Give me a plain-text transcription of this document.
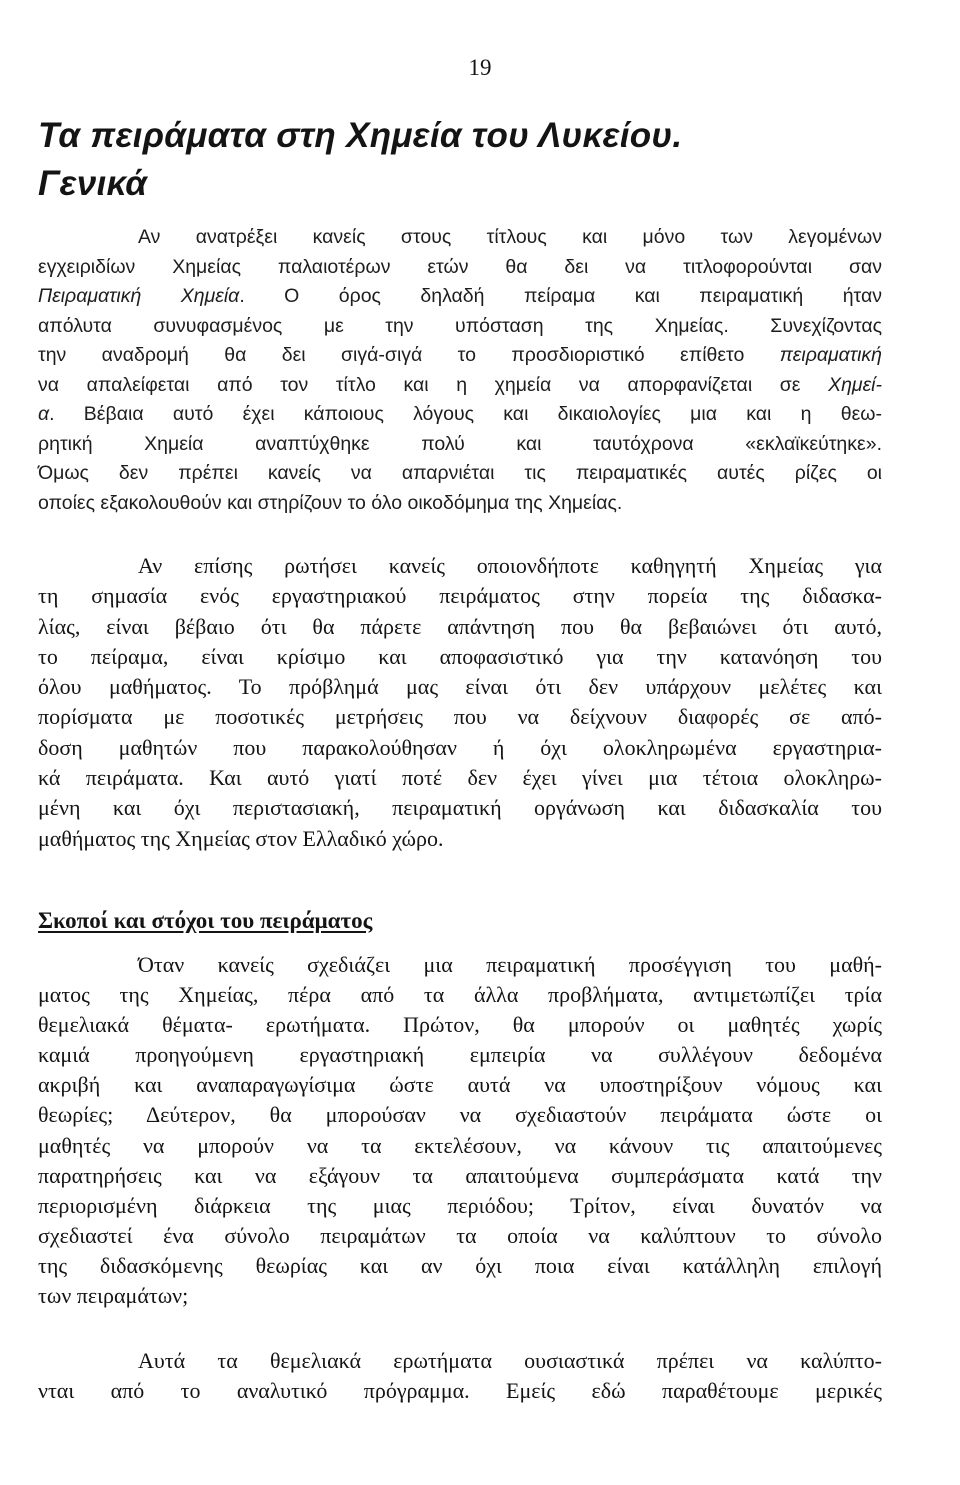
19
Τα πειράματα στη Χημεία του Λυκείου.
Γενικά
Αν ανατρέξει κανείς στους τίτλους και μόνο των λεγομένων
εγχειριδίων Χημείας παλαιοτέρων ετών θα δει να τιτλοφορούνται σαν
Πειραματική Χημεία. Ο όρος δηλαδή πείραμα και πειραματική ήταν
απόλυτα συνυφασμένος με την υπόσταση της Χημείας. Συνεχίζοντας
την αναδρομή θα δει σιγά-σιγά το προσδιοριστικό επίθετο πειραματική
να απαλείφεται από τον τίτλο και η χημεία να απορφανίζεται σε Χημεί-
α. Βέβαια αυτό έχει κάποιους λόγους και δικαιολογίες μια και η θεω-
ρητική Χημεία αναπτύχθηκε πολύ και ταυτόχρονα «εκλαϊκεύτηκε».
Όμως δεν πρέπει κανείς να απαρνιέται τις πειραματικές αυτές ρίζες οι
οποίες εξακολουθούν και στηρίζουν το όλο οικοδόμημα της Χημείας.
Αν επίσης ρωτήσει κανείς οποιονδήποτε καθηγητή Χημείας για
τη σημασία ενός εργαστηριακού πειράματος στην πορεία της διδασκα-
λίας, είναι βέβαιο ότι θα πάρετε απάντηση που θα βεβαιώνει ότι αυτό,
το πείραμα, είναι κρίσιμο και αποφασιστικό για την κατανόηση του
όλου μαθήματος. Το πρόβλημά μας είναι ότι δεν υπάρχουν μελέτες και
πορίσματα με ποσοτικές μετρήσεις που να δείχνουν διαφορές σε από-
δοση μαθητών που παρακολούθησαν ή όχι ολοκληρωμένα εργαστηρια-
κά πειράματα. Και αυτό γιατί ποτέ δεν έχει γίνει μια τέτοια ολοκληρω-
μένη και όχι περιστασιακή, πειραματική οργάνωση και διδασκαλία του
μαθήματος της Χημείας στον Ελλαδικό χώρο.
Σκοποί και στόχοι του πειράματος
Όταν κανείς σχεδιάζει μια πειραματική προσέγγιση του μαθή-
ματος της Χημείας, πέρα από τα άλλα προβλήματα, αντιμετωπίζει τρία
θεμελιακά θέματα- ερωτήματα. Πρώτον, θα μπορούν οι μαθητές χωρίς
καμιά προηγούμενη εργαστηριακή εμπειρία να συλλέγουν δεδομένα
ακριβή και αναπαραγωγίσιμα ώστε αυτά να υποστηρίξουν νόμους και
θεωρίες; Δεύτερον, θα μπορούσαν να σχεδιαστούν πειράματα ώστε οι
μαθητές να μπορούν να τα εκτελέσουν, να κάνουν τις απαιτούμενες
παρατηρήσεις και να εξάγουν τα απαιτούμενα συμπεράσματα κατά την
περιορισμένη διάρκεια της μιας περιόδου; Τρίτον, είναι δυνατόν να
σχεδιαστεί ένα σύνολο πειραμάτων τα οποία να καλύπτουν το σύνολο
της διδασκόμενης θεωρίας και αν όχι ποια είναι κατάλληλη επιλογή
των πειραμάτων;
Αυτά τα θεμελιακά ερωτήματα ουσιαστικά πρέπει να καλύπτο-
νται από το αναλυτικό πρόγραμμα. Εμείς εδώ παραθέτουμε μερικές
